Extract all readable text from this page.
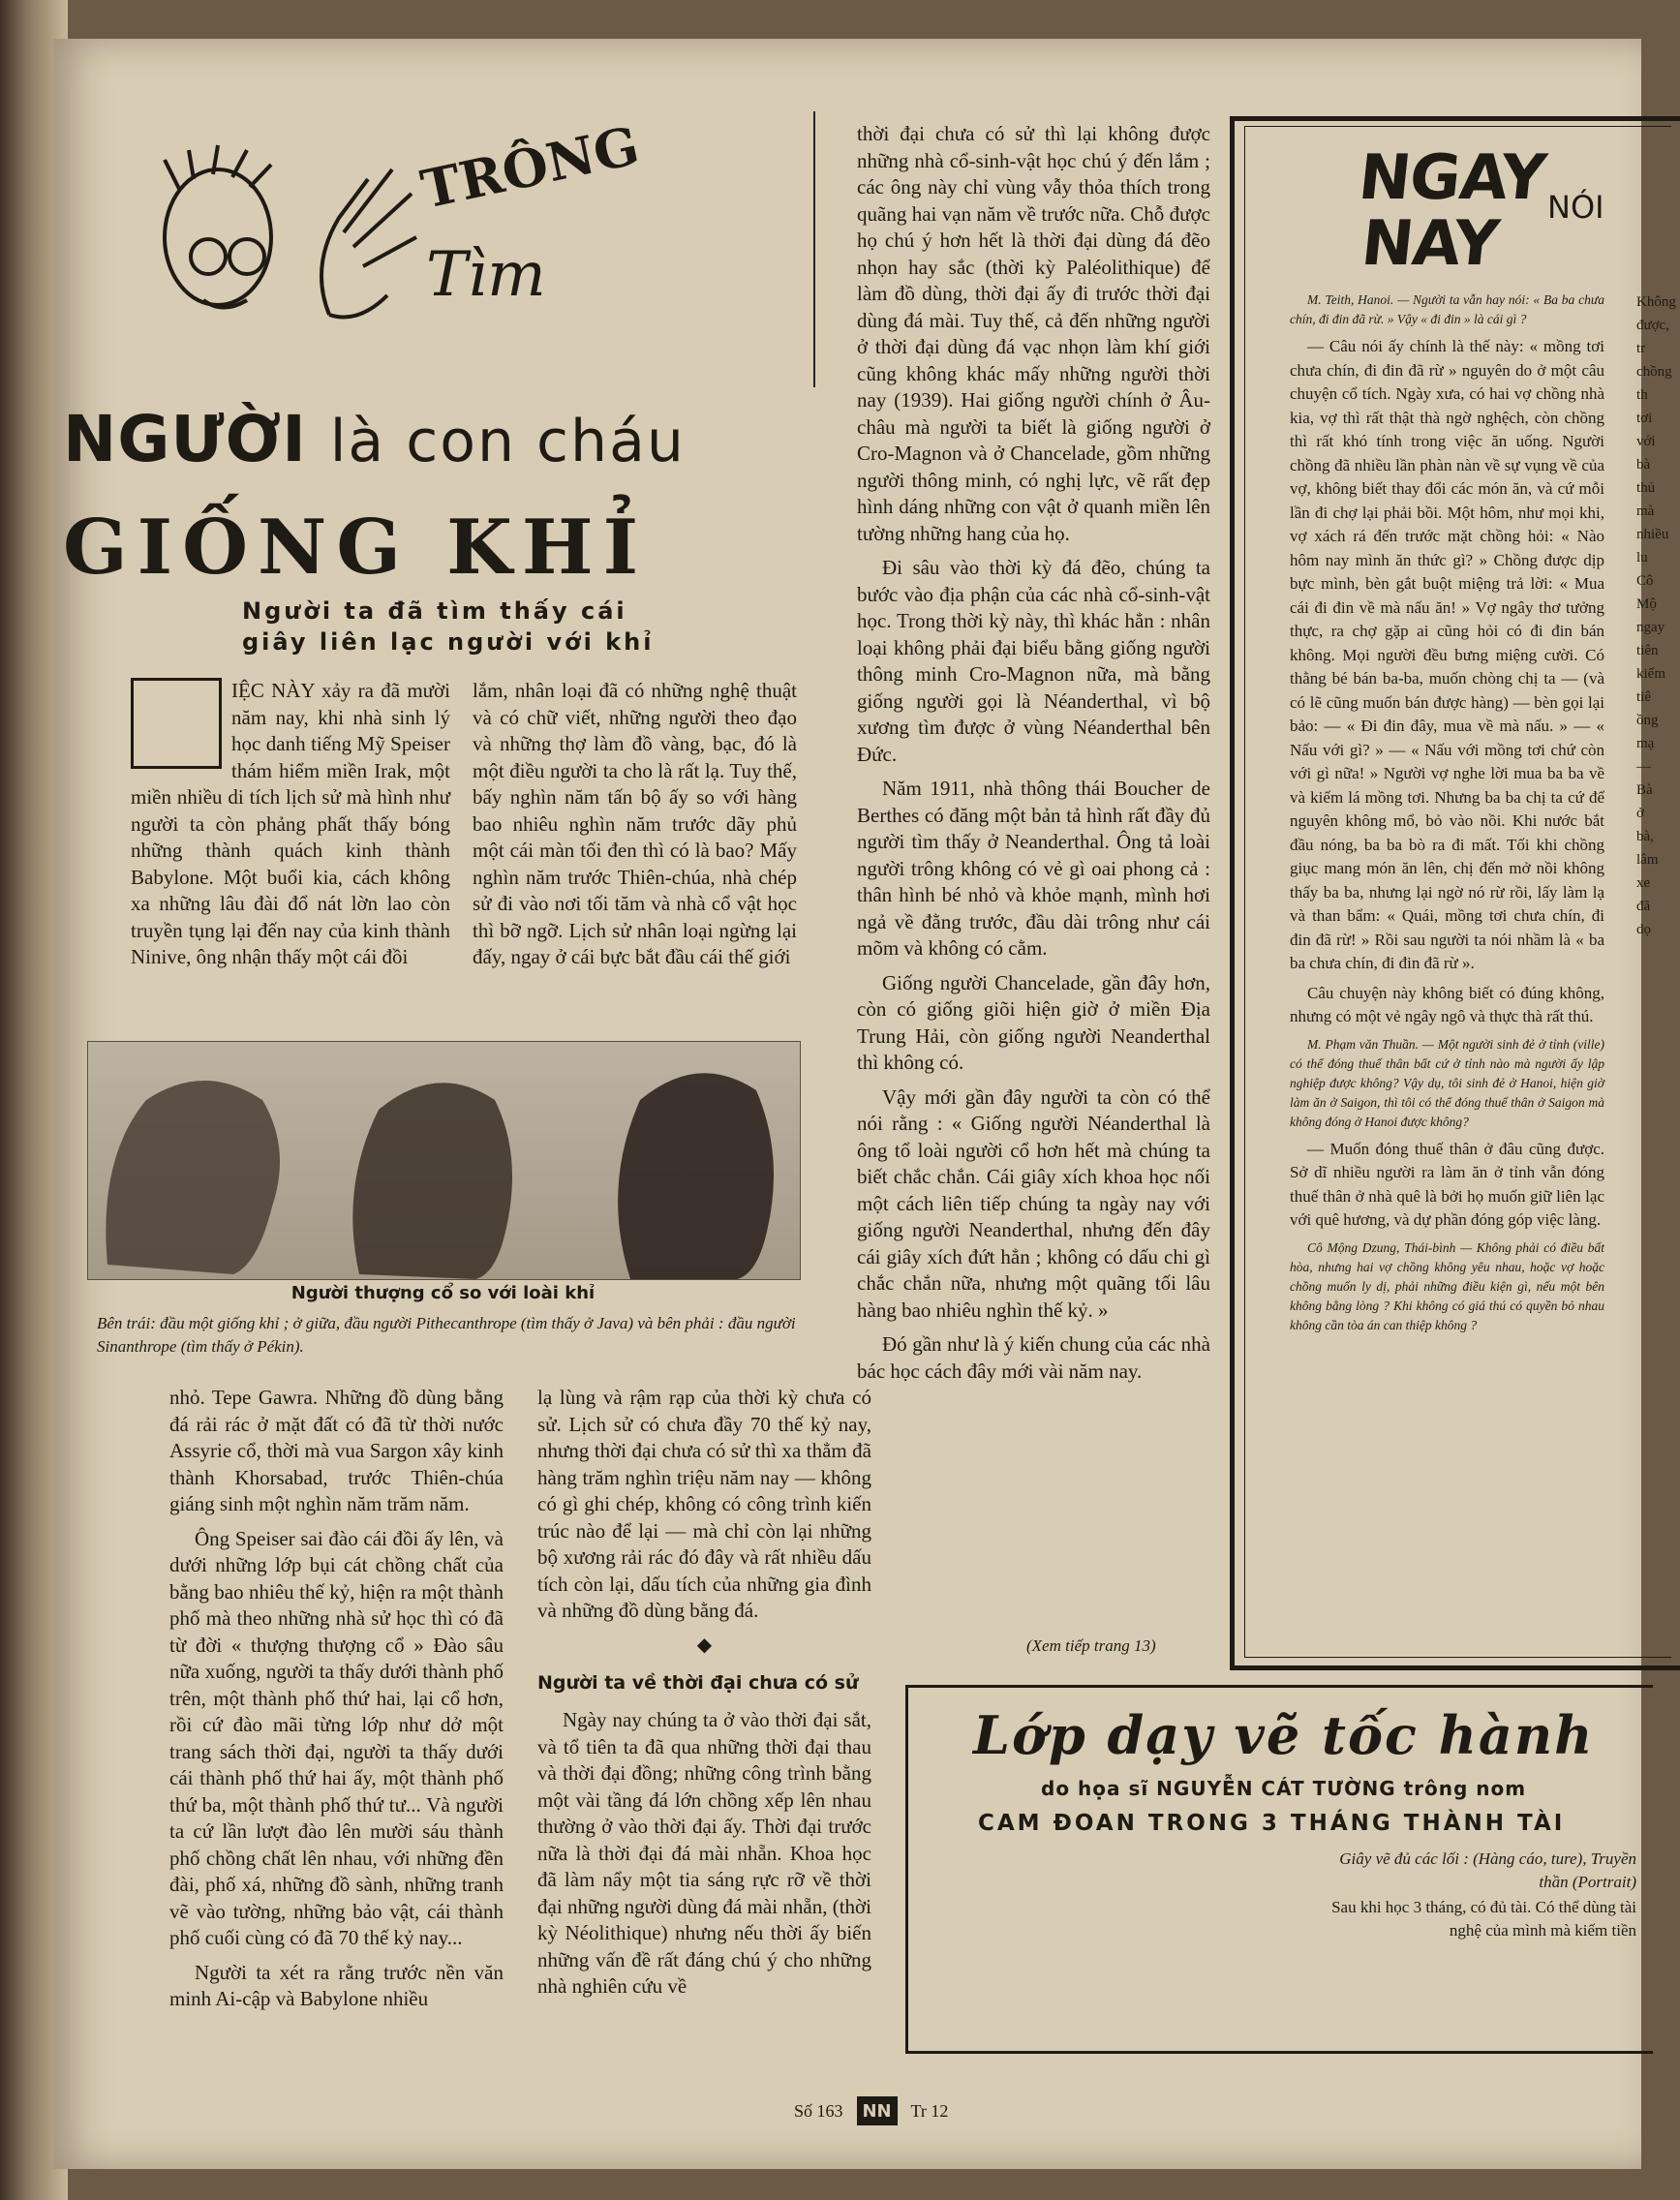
TRÔNG
Tìm
NGƯỜI là con cháu
GIỐNG KHỈ
Người ta đã tìm thấy cái
giây liên lạc người với khỉ
V	IỆC NÀY xảy ra đã mười năm nay, khi nhà sinh lý học danh tiếng Mỹ Speiser thám hiểm miền Irak, một miền nhiều di tích lịch sử mà hình như người ta còn phảng phất thấy bóng những thành quách kinh thành Babylone. Một buổi kia, cách không xa những lâu đài đổ nát lờn lao còn truyền tụng lại đến nay của kinh thành Ninive, ông nhận thấy một cái đồi

lắm, nhân loại đã có những nghệ thuật và có chữ viết, những người theo đạo và những thợ làm đồ vàng, bạc, đó là một điều người ta cho là rất lạ. Tuy thế, bấy nghìn năm tấn bộ ấy so với hàng bao nhiêu nghìn năm trước dãy phủ một cái màn tối đen thì có là bao? Mấy nghìn năm trước Thiên-chúa, nhà chép sử đi vào nơi tối tăm và nhà cổ vật học thì bỡ ngỡ. Lịch sử nhân loại ngừng lại đấy, ngay ở cái bực bắt đầu cái thế giới

Người thượng cổ so với loài khỉ
Bên trái: đầu một giống khỉ ; ở giữa, đầu người Pithecanthrope (tìm thấy ở Java) và bên phải : đầu người Sinanthrope (tìm thấy ở Pékin).

nhỏ. Tepe Gawra. Những đồ dùng bằng đá rải rác ở mặt đất có đã từ thời nước Assyrie cổ, thời mà vua Sargon xây kinh thành Khorsabad, trước Thiên-chúa giáng sinh một nghìn năm trăm năm.

Ông Speiser sai đào cái đồi ấy lên, và dưới những lớp bụi cát chồng chất của bằng bao nhiêu thế kỷ, hiện ra một thành phố mà theo những nhà sử học thì có đã từ đời « thượng thượng cổ » Đào sâu nữa xuống, người ta thấy dưới thành phố trên, một thành phố thứ hai, lại cổ hơn, rồi cứ đào mãi từng lớp như dở một trang sách thời đại, người ta thấy dưới cái thành phố thứ hai ấy, một thành phố thứ ba, một thành phố thứ tư... Và người ta cứ lần lượt đào lên mười sáu thành phố chồng chất lên nhau, với những đền đài, phố xá, những đồ sành, những tranh vẽ vào tường, những bảo vật, cái thành phố cuối cùng có đã 70 thế kỷ nay...

Người ta xét ra rằng trước nền văn minh Ai-cập và Babylone nhiều

lạ lùng và rậm rạp của thời kỳ chưa có sử. Lịch sử có chưa đầy 70 thế kỷ nay, nhưng thời đại chưa có sử thì xa thẳm đã hàng trăm nghìn triệu năm nay — không có gì ghi chép, không có công trình kiến trúc nào để lại — mà chỉ còn lại những bộ xương rải rác đó đây và rất nhiều dấu tích còn lại, dấu tích của những gia đình và những đồ dùng bằng đá.

◆
Người ta về thời đại chưa có sử

Ngày nay chúng ta ở vào thời đại sắt, và tổ tiên ta đã qua những thời đại thau và thời đại đồng; những công trình bằng một vài tầng đá lớn chồng xếp lên nhau thường ở vào thời đại ấy. Thời đại trước nữa là thời đại đá mài nhẵn. Khoa học đã làm nẩy một tia sáng rực rỡ về thời đại những người dùng đá mài nhẵn, (thời kỳ Néolithique) nhưng nếu thời ấy biến những vấn đề rất đáng chú ý cho những nhà nghiên cứu về

thời đại chưa có sử thì lại không được những nhà cổ-sinh-vật học chú ý đến lắm ; các ông này chỉ vùng vẫy thỏa thích trong quãng hai vạn năm về trước nữa. Chỗ được họ chú ý hơn hết là thời đại dùng đá đẽo nhọn hay sắc (thời kỳ Paléolithique) để làm đồ dùng, thời đại ấy đi trước thời đại dùng đá mài. Tuy thế, cả đến những người ở thời đại dùng đá vạc nhọn làm khí giới cũng không khác mấy những người thời nay (1939). Hai giống người chính ở Âu-châu mà người ta biết là giống người ở Cro-Magnon và ở Chancelade, gồm những người thông minh, có nghị lực, vẽ rất đẹp hình dáng những con vật ở quanh miền lên tường những hang của họ.

Đi sâu vào thời kỳ đá đẽo, chúng ta bước vào địa phận của các nhà cổ-sinh-vật học. Trong thời kỳ này, thì khác hẳn : nhân loại không phải đại biểu bằng giống người thông minh Cro-Magnon nữa, mà bằng giống người gọi là Néanderthal, vì bộ xương tìm được ở vùng Néanderthal bên Đức.

Năm 1911, nhà thông thái Boucher de Berthes có đăng một bản tả hình rất đầy đủ người tìm thấy ở Neanderthal. Ông tả loài người trông không có vẻ gì oai phong cả : thân hình bé nhỏ và khỏe mạnh, mình hơi ngả về đằng trước, đầu dài trông như cái mõm và không có cằm.

Giống người Chancelade, gần đây hơn, còn có giống giõi hiện giờ ở miền Địa Trung Hải, còn giống người Neanderthal thì không có.

Vậy mới gần đây người ta còn có thể nói rằng : « Giống người Néanderthal là ông tổ loài người cổ hơn hết mà chúng ta biết chắc chắn. Cái giây xích khoa học nối một cách liên tiếp chúng ta ngày nay với giống người Neanderthal, nhưng đến đây cái giây xích đứt hẳn ; không có dấu chi gì chắc chắn nữa, nhưng một quãng tối lâu hàng bao nhiêu nghìn thế kỷ. »

Đó gần như là ý kiến chung của các nhà bác học cách đây mới vài năm nay.

(Xem tiếp trang 13)
NGAY
NAY
NÓI

M. Teith, Hanoi. — Người ta vẫn hay nói: « Ba ba chưa chín, đi đin đã rừ. » Vậy « đi đin » là cái gì ?

— Câu nói ấy chính là thế này: « mồng tơi chưa chín, đi đin đã rừ » nguyên do ở một câu chuyện cổ tích. Ngày xưa, có hai vợ chồng nhà kia, vợ thì rất thật thà ngờ nghệch, còn chồng thì rất khó tính trong việc ăn uống. Người chồng đã nhiều lần phàn nàn về sự vụng về của vợ, không biết thay đổi các món ăn, và cứ mỗi lần đi chợ lại phải bồi. Một hôm, như mọi khi, vợ xách rá đến trước mặt chồng hỏi: « Nào hôm nay mình ăn thức gì? » Chồng được dịp bực mình, bèn gắt buột miệng trả lời: « Mua cái đi đin về mà nấu ăn! » Vợ ngây thơ tưởng thực, ra chợ gặp ai cũng hỏi có đi đin bán không. Mọi người đều bưng miệng cười. Có thằng bé bán ba-ba, muốn chòng chị ta — (và có lẽ cũng muốn bán được hàng) — bèn gọi lại bảo: — « Đi đin đây, mua về mà nấu. » — « Nấu với gì? » — « Nấu với mồng tơi chứ còn với gì nữa! » Người vợ nghe lời mua ba ba về và kiếm lá mồng tơi. Nhưng ba ba chị ta cứ để nguyên không mổ, bỏ vào nồi. Khi nước bắt đầu nóng, ba ba bò ra đi mất. Tối khi chồng giục mang món ăn lên, chị đến mở nồi không thấy ba ba, nhưng lại ngờ nó rừ rồi, lấy làm lạ và than bẩm: « Quái, mồng tơi chưa chín, đi đin đã rừ! » Rồi sau người ta nói nhầm là « ba ba chưa chín, đi đin đã rừ ».

Câu chuyện này không biết có đúng không, nhưng có một vẻ ngây ngô và thực thà rất thú.

M. Phạm văn Thuần. — Một người sinh đẻ ở tỉnh (ville) có thể đóng thuế thân bất cứ ở tỉnh nào mà người ấy lập nghiệp được không? Vậy dụ, tôi sinh đẻ ở Hanoi, hiện giờ làm ăn ở Saigon, thì tôi có thể đóng thuế thân ở Saigon mà không đóng ở Hanoi được không?

— Muốn đóng thuế thân ở đâu cũng được. Sở dĩ nhiều người ra làm ăn ở tỉnh vẫn đóng thuế thân ở nhà quê là bởi họ muốn giữ liên lạc với quê hương, và dự phần đóng góp việc làng.

Cô Mộng Dzung, Thái-bình — Không phải có điều bất hòa, nhưng hai vợ chồng không yêu nhau, hoặc vợ hoặc chồng muốn ly dị, phải những điều kiện gì, nếu một bên không bằng lòng ? Khi không có giá thú có quyền bỏ nhau không cần tòa án can thiệp không ?

Không được, tr chồng th tơi với bà thủ mà nhiều lu Cô Mộ ngay tiên kiểm tiê ồng mạ — Bà ở bà, lâm xe đã dọ
Lớp dạy vẽ tốc hành
do họa sĩ NGUYỄN CÁT TƯỜNG trông nom
CAM ĐOAN TRONG 3 THÁNG THÀNH TÀI
Giây vẽ đủ các lối : (Hàng cáo, ture), Truyền thần (Portrait)
Sau khi học 3 tháng, có đủ tài. Có thể dùng tài nghệ của mình mà kiếm tiền
Số 163	NN	Tr 12
